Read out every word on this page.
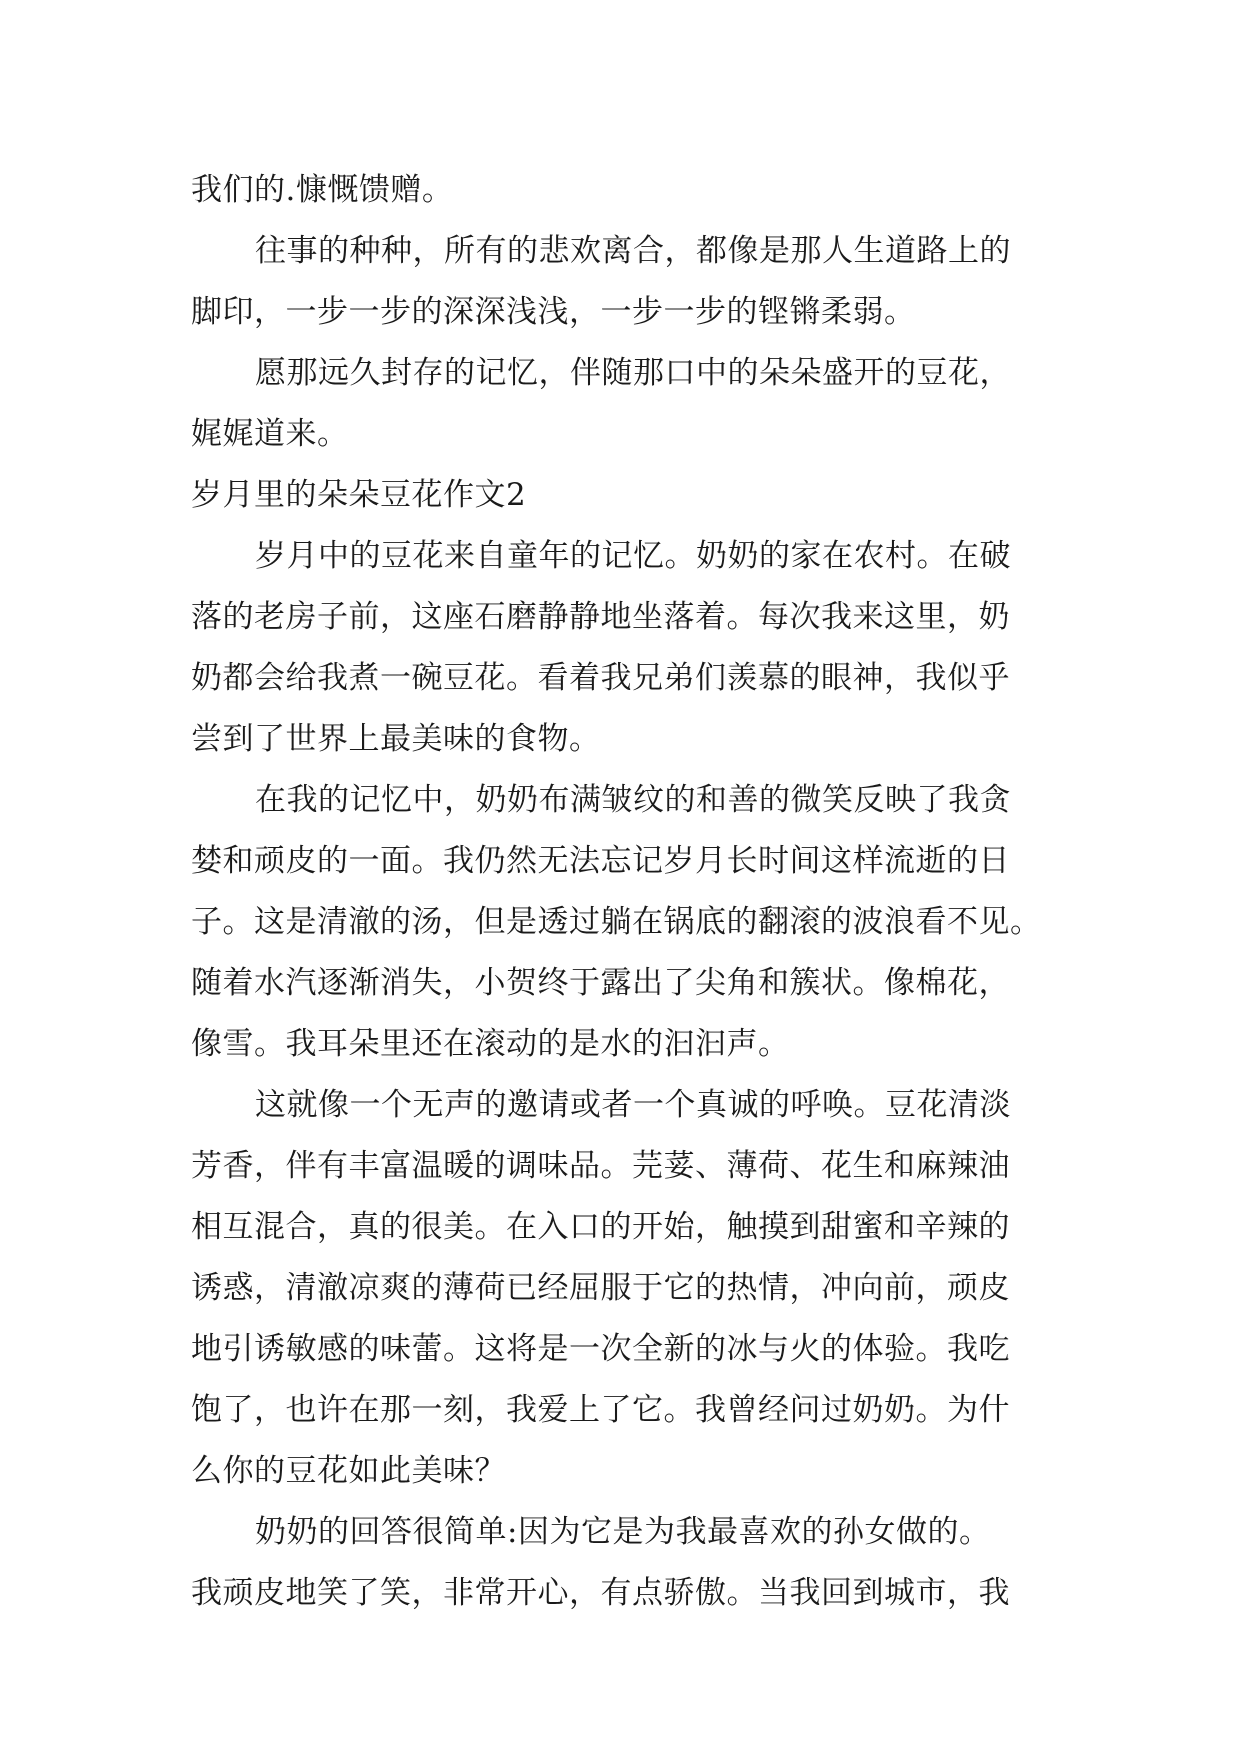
我们的.慷慨馈赠。
往事的种种，所有的悲欢离合，都像是那人生道路上的
脚印，一步一步的深深浅浅，一步一步的铿锵柔弱。
愿那远久封存的记忆，伴随那口中的朵朵盛开的豆花，
娓娓道来。
岁月里的朵朵豆花作文2
岁月中的豆花来自童年的记忆。奶奶的家在农村。在破
落的老房子前，这座石磨静静地坐落着。每次我来这里，奶
奶都会给我煮一碗豆花。看着我兄弟们羡慕的眼神，我似乎
尝到了世界上最美味的食物。
在我的记忆中，奶奶布满皱纹的和善的微笑反映了我贪
婪和顽皮的一面。我仍然无法忘记岁月长时间这样流逝的日
子。这是清澈的汤，但是透过躺在锅底的翻滚的波浪看不见。
随着水汽逐渐消失，小贺终于露出了尖角和簇状。像棉花，
像雪。我耳朵里还在滚动的是水的汩汩声。
这就像一个无声的邀请或者一个真诚的呼唤。豆花清淡
芳香，伴有丰富温暖的调味品。芫荽、薄荷、花生和麻辣油
相互混合，真的很美。在入口的开始，触摸到甜蜜和辛辣的
诱惑，清澈凉爽的薄荷已经屈服于它的热情，冲向前，顽皮
地引诱敏感的味蕾。这将是一次全新的冰与火的体验。我吃
饱了，也许在那一刻，我爱上了它。我曾经问过奶奶。为什
么你的豆花如此美味？
奶奶的回答很简单:因为它是为我最喜欢的孙女做的。
我顽皮地笑了笑，非常开心，有点骄傲。当我回到城市，我
